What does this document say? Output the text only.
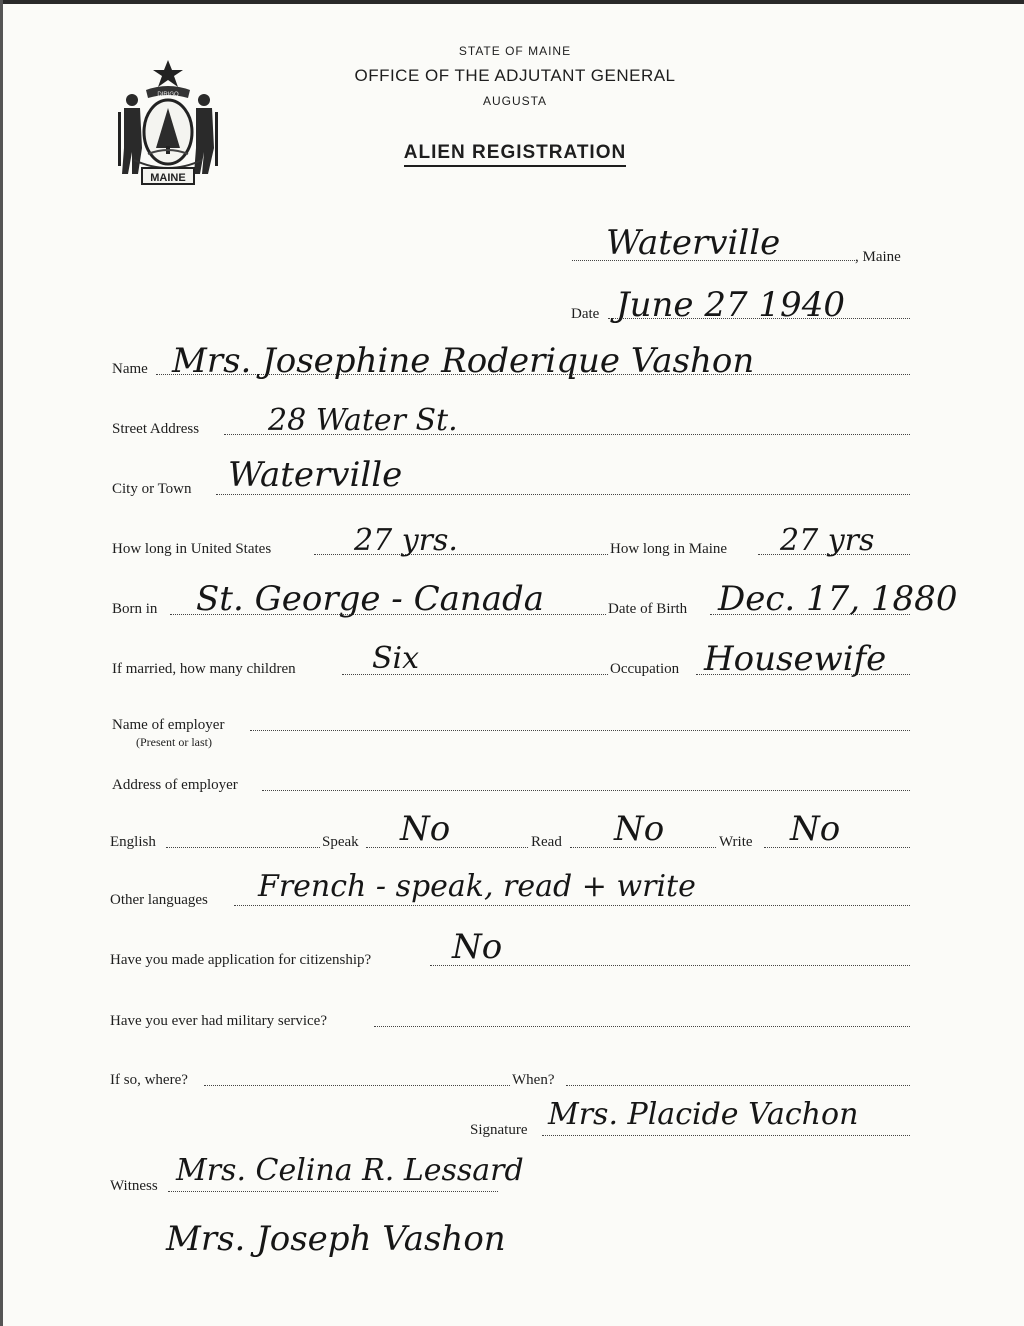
MAINE
DIRIGO
STATE OF MAINE
OFFICE OF THE ADJUTANT GENERAL
AUGUSTA
ALIEN REGISTRATION
Waterville	, Maine
Date June 27 1940
Name Mrs. Josephine Roderique Vashon
Street Address 28 Water St.
City or Town Waterville
How long in United States	27 yrs.	How long in Maine 27 yrs
Born in St. George - Canada	Date of Birth Dec. 17, 1880
If married, how many children	Six	Occupation Housewife
Name of employer
(Present or last)
Address of employer
English	Speak No	Read No	Write No
Other languages French - speak, read + write
Have you made application for citizenship? No
Have you ever had military service?
If so, where?	When?
Signature Mrs. Placide Vachon
Witness Mrs. Celina R. Lessard
Mrs. Joseph Vashon
